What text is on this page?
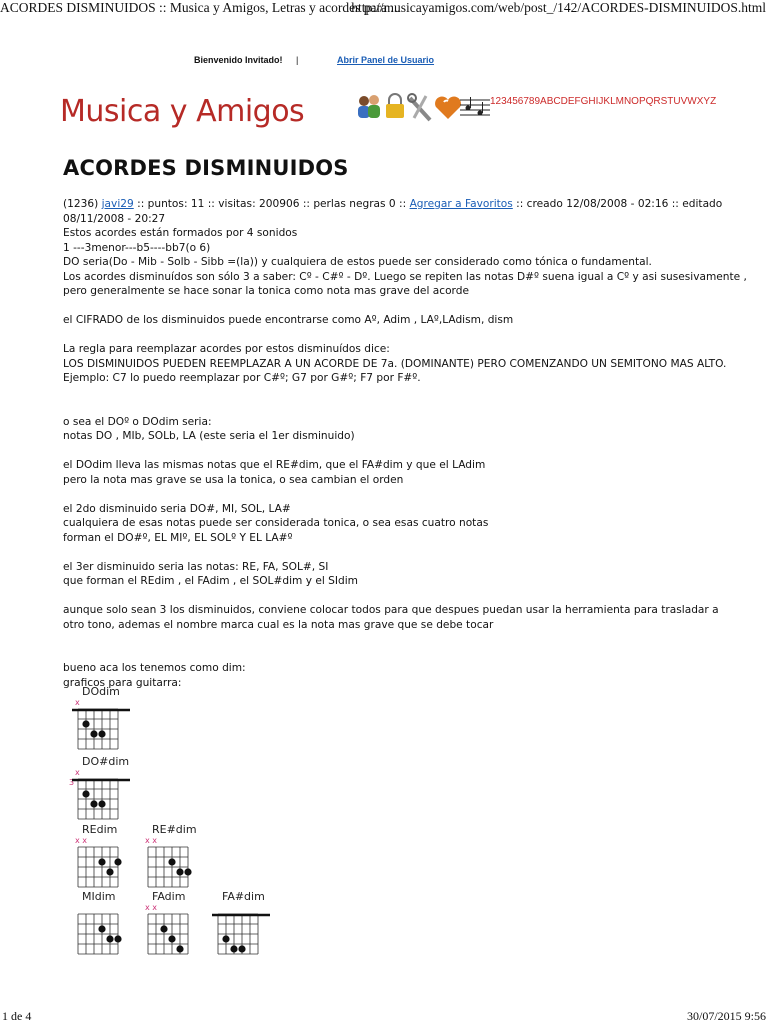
ACORDES DISMINUIDOS :: Musica y Amigos, Letras y acordes para ...
http://musicayamigos.com/web/post_/142/ACORDES-DISMINUIDOS.html
Bienvenido Invitado! |	Abrir Panel de Usuario
Musica y Amigos	123456789ABCDEFGHIJKLMNOPQRSTUVWXYZ
ACORDES DISMINUIDOS
(1236) javi29 :: puntos: 11 :: visitas: 200906 :: perlas negras 0 :: Agregar a Favoritos :: creado 12/08/2008 - 02:16 :: editado
08/11/2008 - 20:27
Estos acordes están formados por 4 sonidos
1 ---3menor---b5----bb7(o 6)
DO seria(Do - Mib - Solb - Sibb =(la)) y cualquiera de estos puede ser considerado como tónica o fundamental.
Los acordes disminuídos son sólo 3 a saber: Cº - C#º - Dº. Luego se repiten las notas D#º suena igual a Cº y asi susesivamente ,
pero generalmente se hace sonar la tonica como nota mas grave del acorde
el CIFRADO de los disminuidos puede encontrarse como Aº, Adim , LAº,LAdism, dism
La regla para reemplazar acordes por estos disminuídos dice:
LOS DISMINUIDOS PUEDEN REEMPLAZAR A UN ACORDE DE 7a. (DOMINANTE) PERO COMENZANDO UN SEMITONO MAS ALTO.
Ejemplo: C7 lo puedo reemplazar por C#º; G7 por G#º; F7 por F#º.
o sea el DOº o DOdim seria:
notas DO , MIb, SOLb, LA (este seria el 1er disminuido)
el DOdim lleva las mismas notas que el RE#dim, que el FA#dim y que el LAdim
pero la nota mas grave se usa la tonica, o sea cambian el orden
el 2do disminuido seria DO#, MI, SOL, LA#
cualquiera de esas notas puede ser considerada tonica, o sea esas cuatro notas
forman el DO#º, EL MIº, EL SOLº Y EL LA#º
el 3er disminuido seria las notas: RE, FA, SOL#, SI
que forman el REdim , el FAdim , el SOL#dim y el SIdim
aunque solo sean 3 los disminuidos, conviene colocar todos para que despues puedan usar la herramienta para trasladar a
otro tono, ademas el nombre marca cual es la nota mas grave que se debe tocar
bueno aca los tenemos como dim:
graficos para guitarra:
DOdim
x
DO#dim
x
3
REdim
x x
RE#dim
x x
MIdim	FAdim
x x
FA#dim
1 de 4	30/07/2015 9:56
